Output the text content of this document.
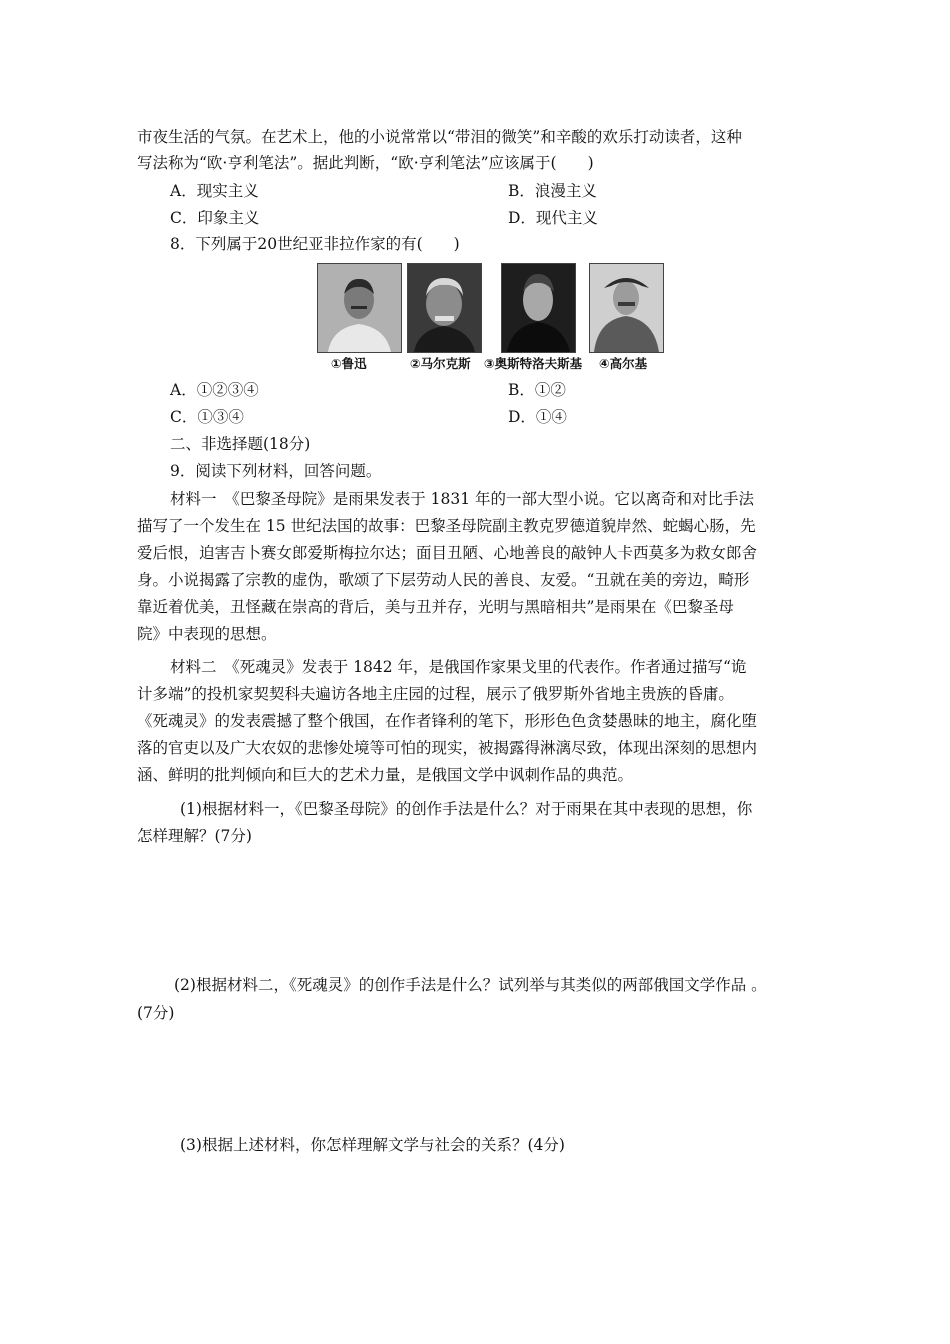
市夜生活的气氛。在艺术上，他的小说常常以“带泪的微笑”和辛酸的欢乐打动读者，这种
写法称为“欧·亨利笔法”。据此判断，“欧·亨利笔法”应该属于(　　)
A．现实主义	B．浪漫主义
C．印象主义	D．现代主义
8．下列属于20世纪亚非拉作家的有(　　)
①鲁迅	②马尔克斯 ③奥斯特洛夫斯基 ④高尔基
A．①②③④	B．①②
C．①③④	D．①④
二、非选择题(18分)
9．阅读下列材料，回答问题。
材料一　《巴黎圣母院》是雨果发表于 1831 年的一部大型小说。它以离奇和对比手法
描写了一个发生在 15 世纪法国的故事：巴黎圣母院副主教克罗德道貌岸然、蛇蝎心肠，先
爱后恨，迫害吉卜赛女郎爱斯梅拉尔达；面目丑陋、心地善良的敲钟人卡西莫多为救女郎舍
身。小说揭露了宗教的虚伪，歌颂了下层劳动人民的善良、友爱。“丑就在美的旁边，畸形
靠近着优美，丑怪藏在崇高的背后，美与丑并存，光明与黑暗相共”是雨果在《巴黎圣母
院》中表现的思想。
材料二　《死魂灵》发表于 1842 年，是俄国作家果戈里的代表作。作者通过描写“诡
计多端”的投机家契契科夫遍访各地主庄园的过程，展示了俄罗斯外省地主贵族的昏庸。
《死魂灵》的发表震撼了整个俄国，在作者锋利的笔下，形形色色贪婪愚昧的地主，腐化堕
落的官吏以及广大农奴的悲惨处境等可怕的现实，被揭露得淋漓尽致，体现出深刻的思想内
涵、鲜明的批判倾向和巨大的艺术力量，是俄国文学中讽刺作品的典范。
(1)根据材料一，《巴黎圣母院》的创作手法是什么？对于雨果在其中表现的思想，你
怎样理解？(7分)
(2)根据材料二，《死魂灵》的创作手法是什么？试列举与其类似的两部俄国文学作品 。
(7分)
(3)根据上述材料，你怎样理解文学与社会的关系？(4分)
